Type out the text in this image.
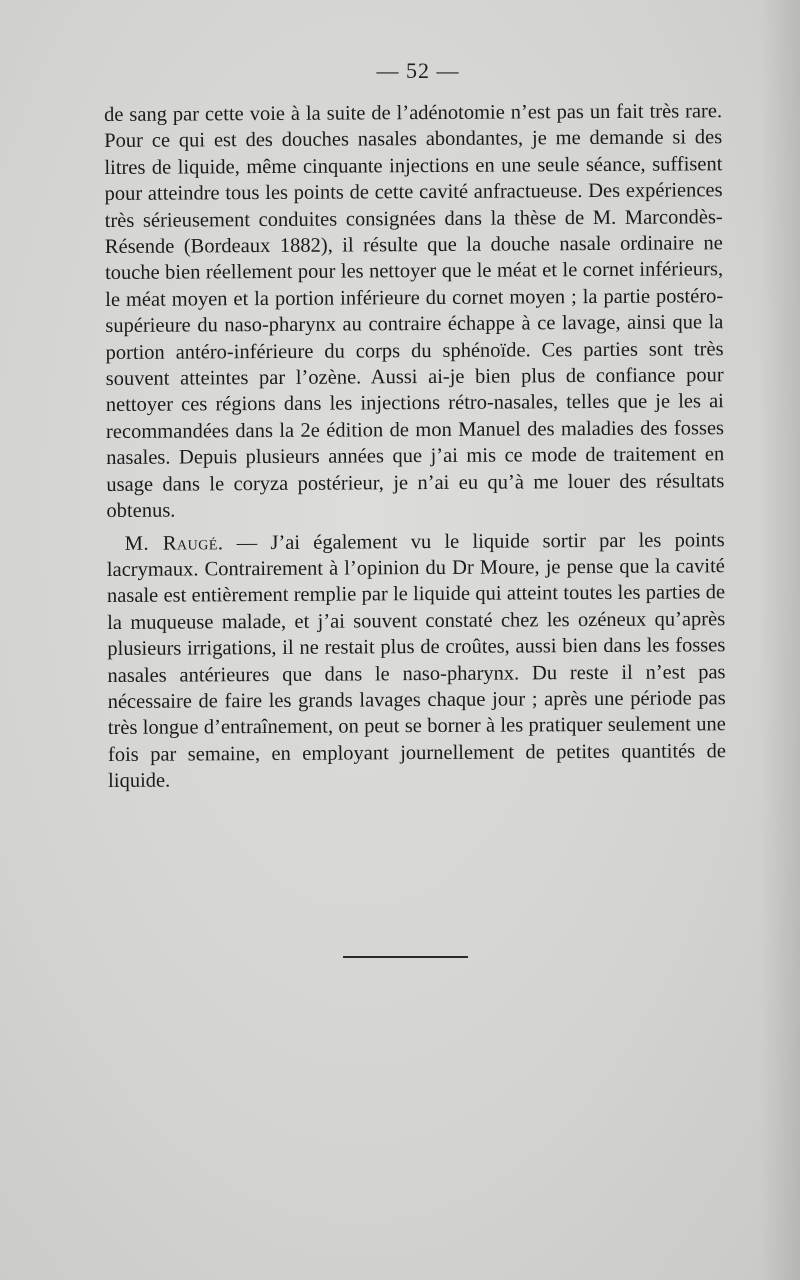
— 52 —

de sang par cette voie à la suite de l’adénotomie n’est pas un fait très rare. Pour ce qui est des douches nasales abondantes, je me demande si des litres de liquide, même cinquante injections en une seule séance, suffisent pour atteindre tous les points de cette cavité anfractueuse. Des expériences très sérieusement conduites consignées dans la thèse de M. Marcondès-Résende (Bordeaux 1882), il résulte que la douche nasale ordinaire ne touche bien réellement pour les nettoyer que le méat et le cornet inférieurs, le méat moyen et la portion inférieure du cornet moyen ; la partie postéro-supérieure du naso-pharynx au contraire échappe à ce lavage, ainsi que la portion antéro-inférieure du corps du sphénoïde. Ces parties sont très souvent atteintes par l’ozène. Aussi ai-je bien plus de confiance pour nettoyer ces régions dans les injections rétro-nasales, telles que je les ai recommandées dans la 2e édition de mon Manuel des maladies des fosses nasales. Depuis plusieurs années que j’ai mis ce mode de traitement en usage dans le coryza postérieur, je n’ai eu qu’à me louer des résultats obtenus.

M. Raugé. — J’ai également vu le liquide sortir par les points lacrymaux. Contrairement à l’opinion du Dr Moure, je pense que la cavité nasale est entièrement remplie par le liquide qui atteint toutes les parties de la muqueuse malade, et j’ai souvent constaté chez les ozéneux qu’après plusieurs irrigations, il ne restait plus de croûtes, aussi bien dans les fosses nasales antérieures que dans le naso-pharynx. Du reste il n’est pas nécessaire de faire les grands lavages chaque jour ; après une période pas très longue d’entraînement, on peut se borner à les pratiquer seulement une fois par semaine, en employant journellement de petites quantités de liquide.
